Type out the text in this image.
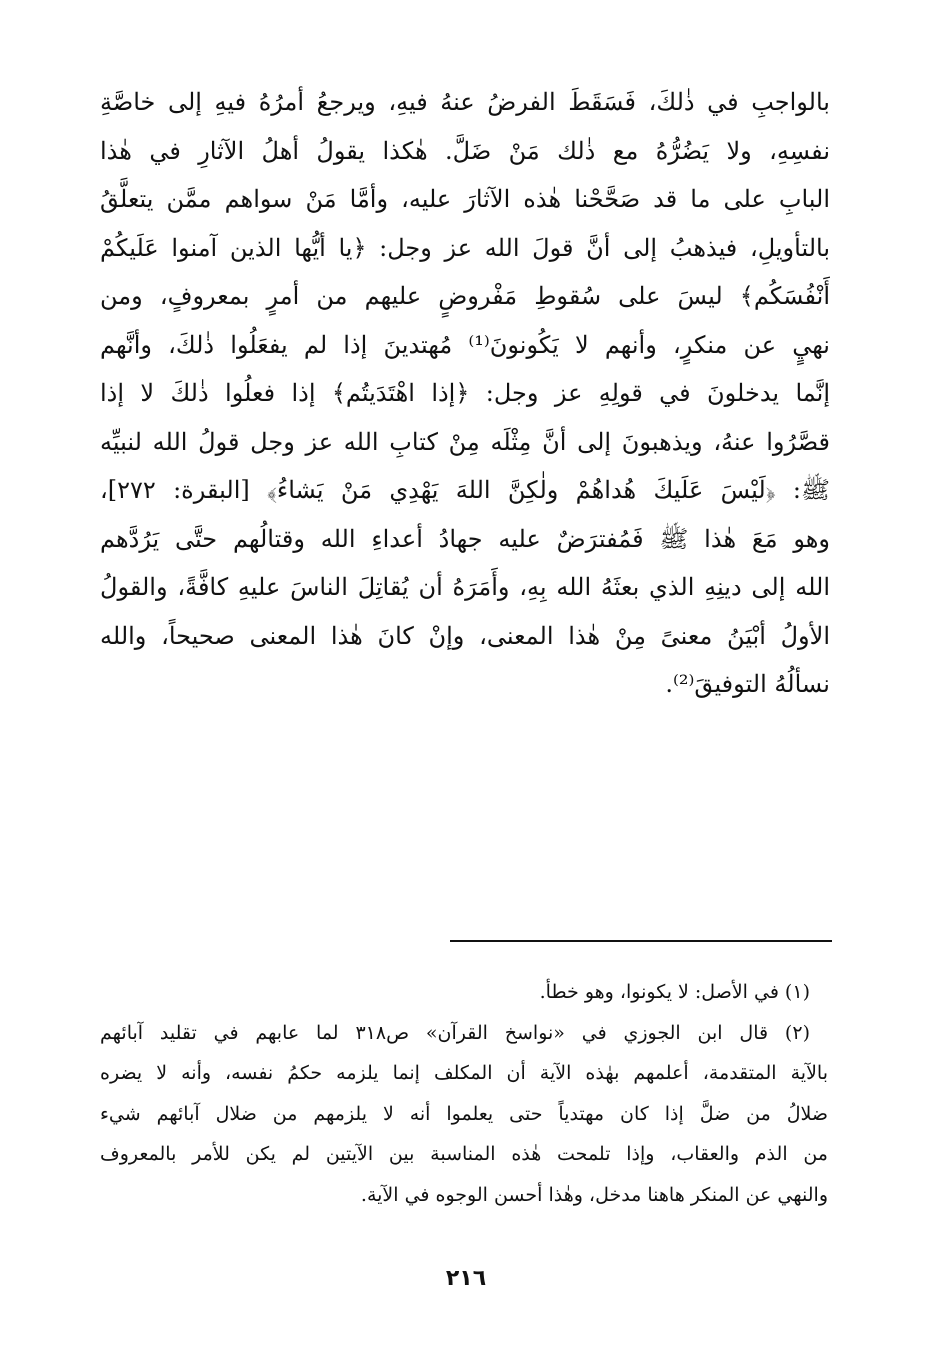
بالواجبِ في ذٰلكَ، فَسَقَطَ الفرضُ عنهُ فيهِ، ويرجعُ أمرُهُ فيهِ إلى خاصَّةِ
نفسِهِ، ولا يَضُرُّهُ مع ذٰلك مَنْ ضَلَّ. هٰكذا يقولُ أهلُ الآثارِ في هٰذا
البابِ على ما قد صَحَّحْنا هٰذه الآثارَ عليه، وأمَّا مَنْ سواهم ممَّن يتعلَّقُ
بالتأويلِ، فيذهبُ إلى أنَّ قولَ الله عز وجل: ﴿يا أيُّها الذين آمنوا عَلَيكُمْ
أَنْفُسَكُم﴾ ليسَ على سُقوطِ مَفْروضٍ عليهم من أمرٍ بمعروفٍ، ومن
نهيٍ عن منكرٍ، وأنهم لا يَكُونونَ⁽¹⁾ مُهتدينَ إذا لم يفعَلُوا ذٰلكَ، وأنَّهم
إنَّما يدخلونَ في قولِهِ عز وجل: ﴿إذا اهْتَدَيتُم﴾ إذا فعلُوا ذٰلكَ لا إذا
قصَّرُوا عنهُ، ويذهبونَ إلى أنَّ مِثْلَه مِنْ كتابِ الله عز وجل قولُ الله لنبيِّه
ﷺ: ﴿لَيْسَ عَلَيكَ هُداهُمْ ولٰكِنَّ اللهَ يَهْدِي مَنْ يَشاءُ﴾ [البقرة: ٢٧٢]،
وهو مَعَ هٰذا ﷺ فَمُفترَضٌ عليه جهادُ أعداءِ الله وقتالُهم حتَّى يَرُدَّهم
الله إلى دينِهِ الذي بعثَهُ الله بِهِ، وأَمَرَهُ أن يُقاتِلَ الناسَ عليهِ كافَّةً، والقولُ
الأولُ أبْيَنُ معنىً مِنْ هٰذا المعنى، وإنْ كانَ هٰذا المعنى صحيحاً، والله
نسألُهُ التوفيقَ⁽²⁾.
(١) في الأصل: لا يكونوا، وهو خطأ.
(٢) قال ابن الجوزي في «نواسخ القرآن» ص٣١٨ لما عابهم في تقليد آبائهم
بالآية المتقدمة، أعلمهم بهٰذه الآية أن المكلف إنما يلزمه حكمُ نفسه، وأنه لا يضره
ضلالُ من ضلَّ إذا كان مهتدياً حتى يعلموا أنه لا يلزمهم من ضلال آبائهم شيء
من الذم والعقاب، وإذا تلمحت هٰذه المناسبة بين الآيتين لم يكن للأمر بالمعروف
والنهي عن المنكر هاهنا مدخل، وهٰذا أحسن الوجوه في الآية.
٢١٦
